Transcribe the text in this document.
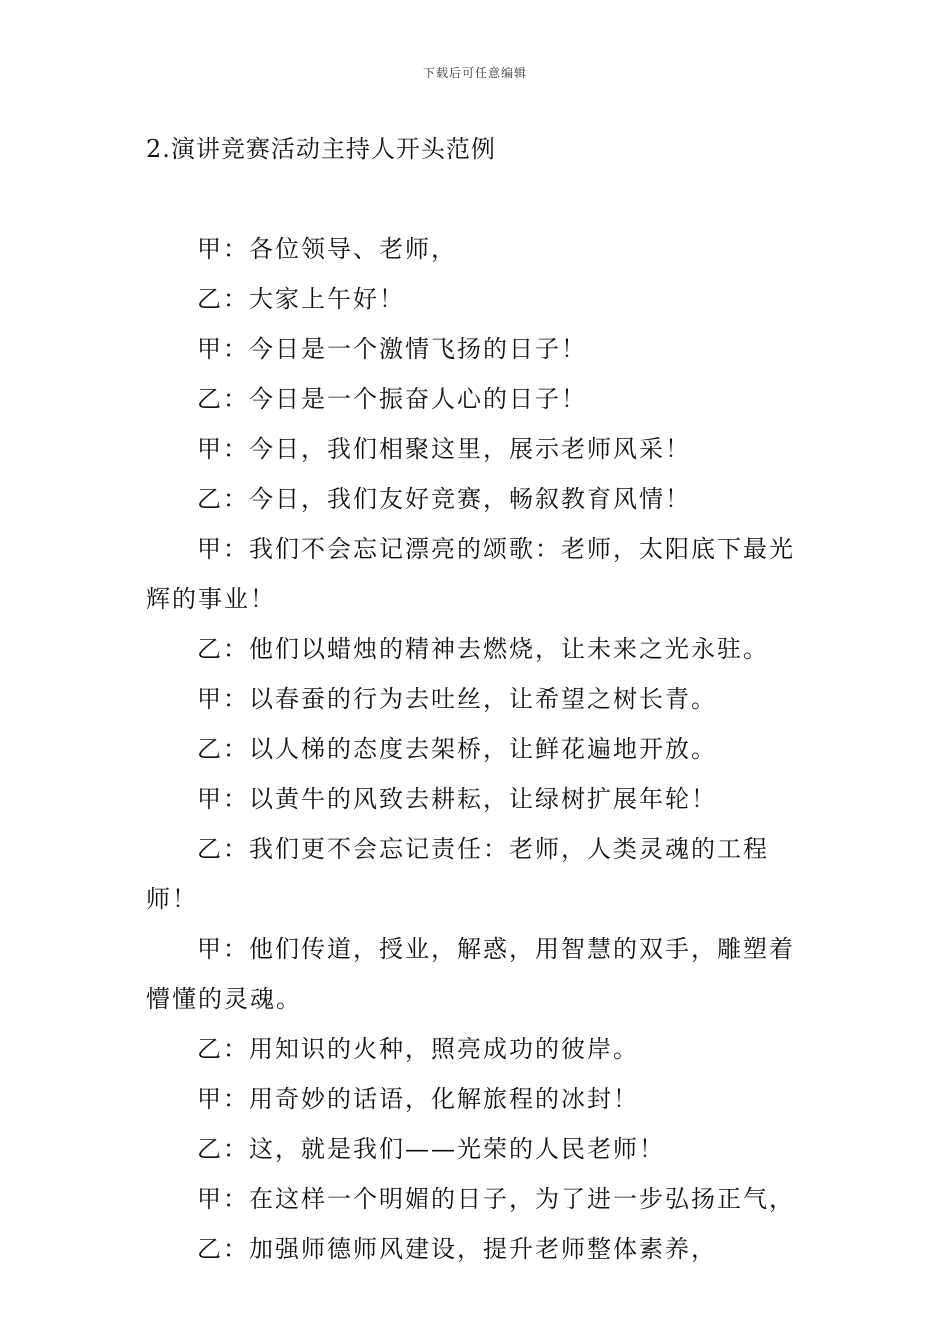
下载后可任意编辑
2.演讲竞赛活动主持人开头范例

甲：各位领导、老师，

乙：大家上午好！

甲：今日是一个激情飞扬的日子！

乙：今日是一个振奋人心的日子！

甲：今日，我们相聚这里，展示老师风采！

乙：今日，我们友好竞赛，畅叙教育风情！

甲：我们不会忘记漂亮的颂歌：老师，太阳底下最光辉的事业！

乙：他们以蜡烛的精神去燃烧，让未来之光永驻。

甲：以春蚕的行为去吐丝，让希望之树长青。

乙：以人梯的态度去架桥，让鲜花遍地开放。

甲：以黄牛的风致去耕耘，让绿树扩展年轮！

乙：我们更不会忘记责任：老师，人类灵魂的工程师！

甲：他们传道，授业，解惑，用智慧的双手，雕塑着懵懂的灵魂。

乙：用知识的火种，照亮成功的彼岸。

甲：用奇妙的话语，化解旅程的冰封！

乙：这，就是我们——光荣的人民老师！

甲：在这样一个明媚的日子，为了进一步弘扬正气，

乙：加强师德师风建设，提升老师整体素养，
